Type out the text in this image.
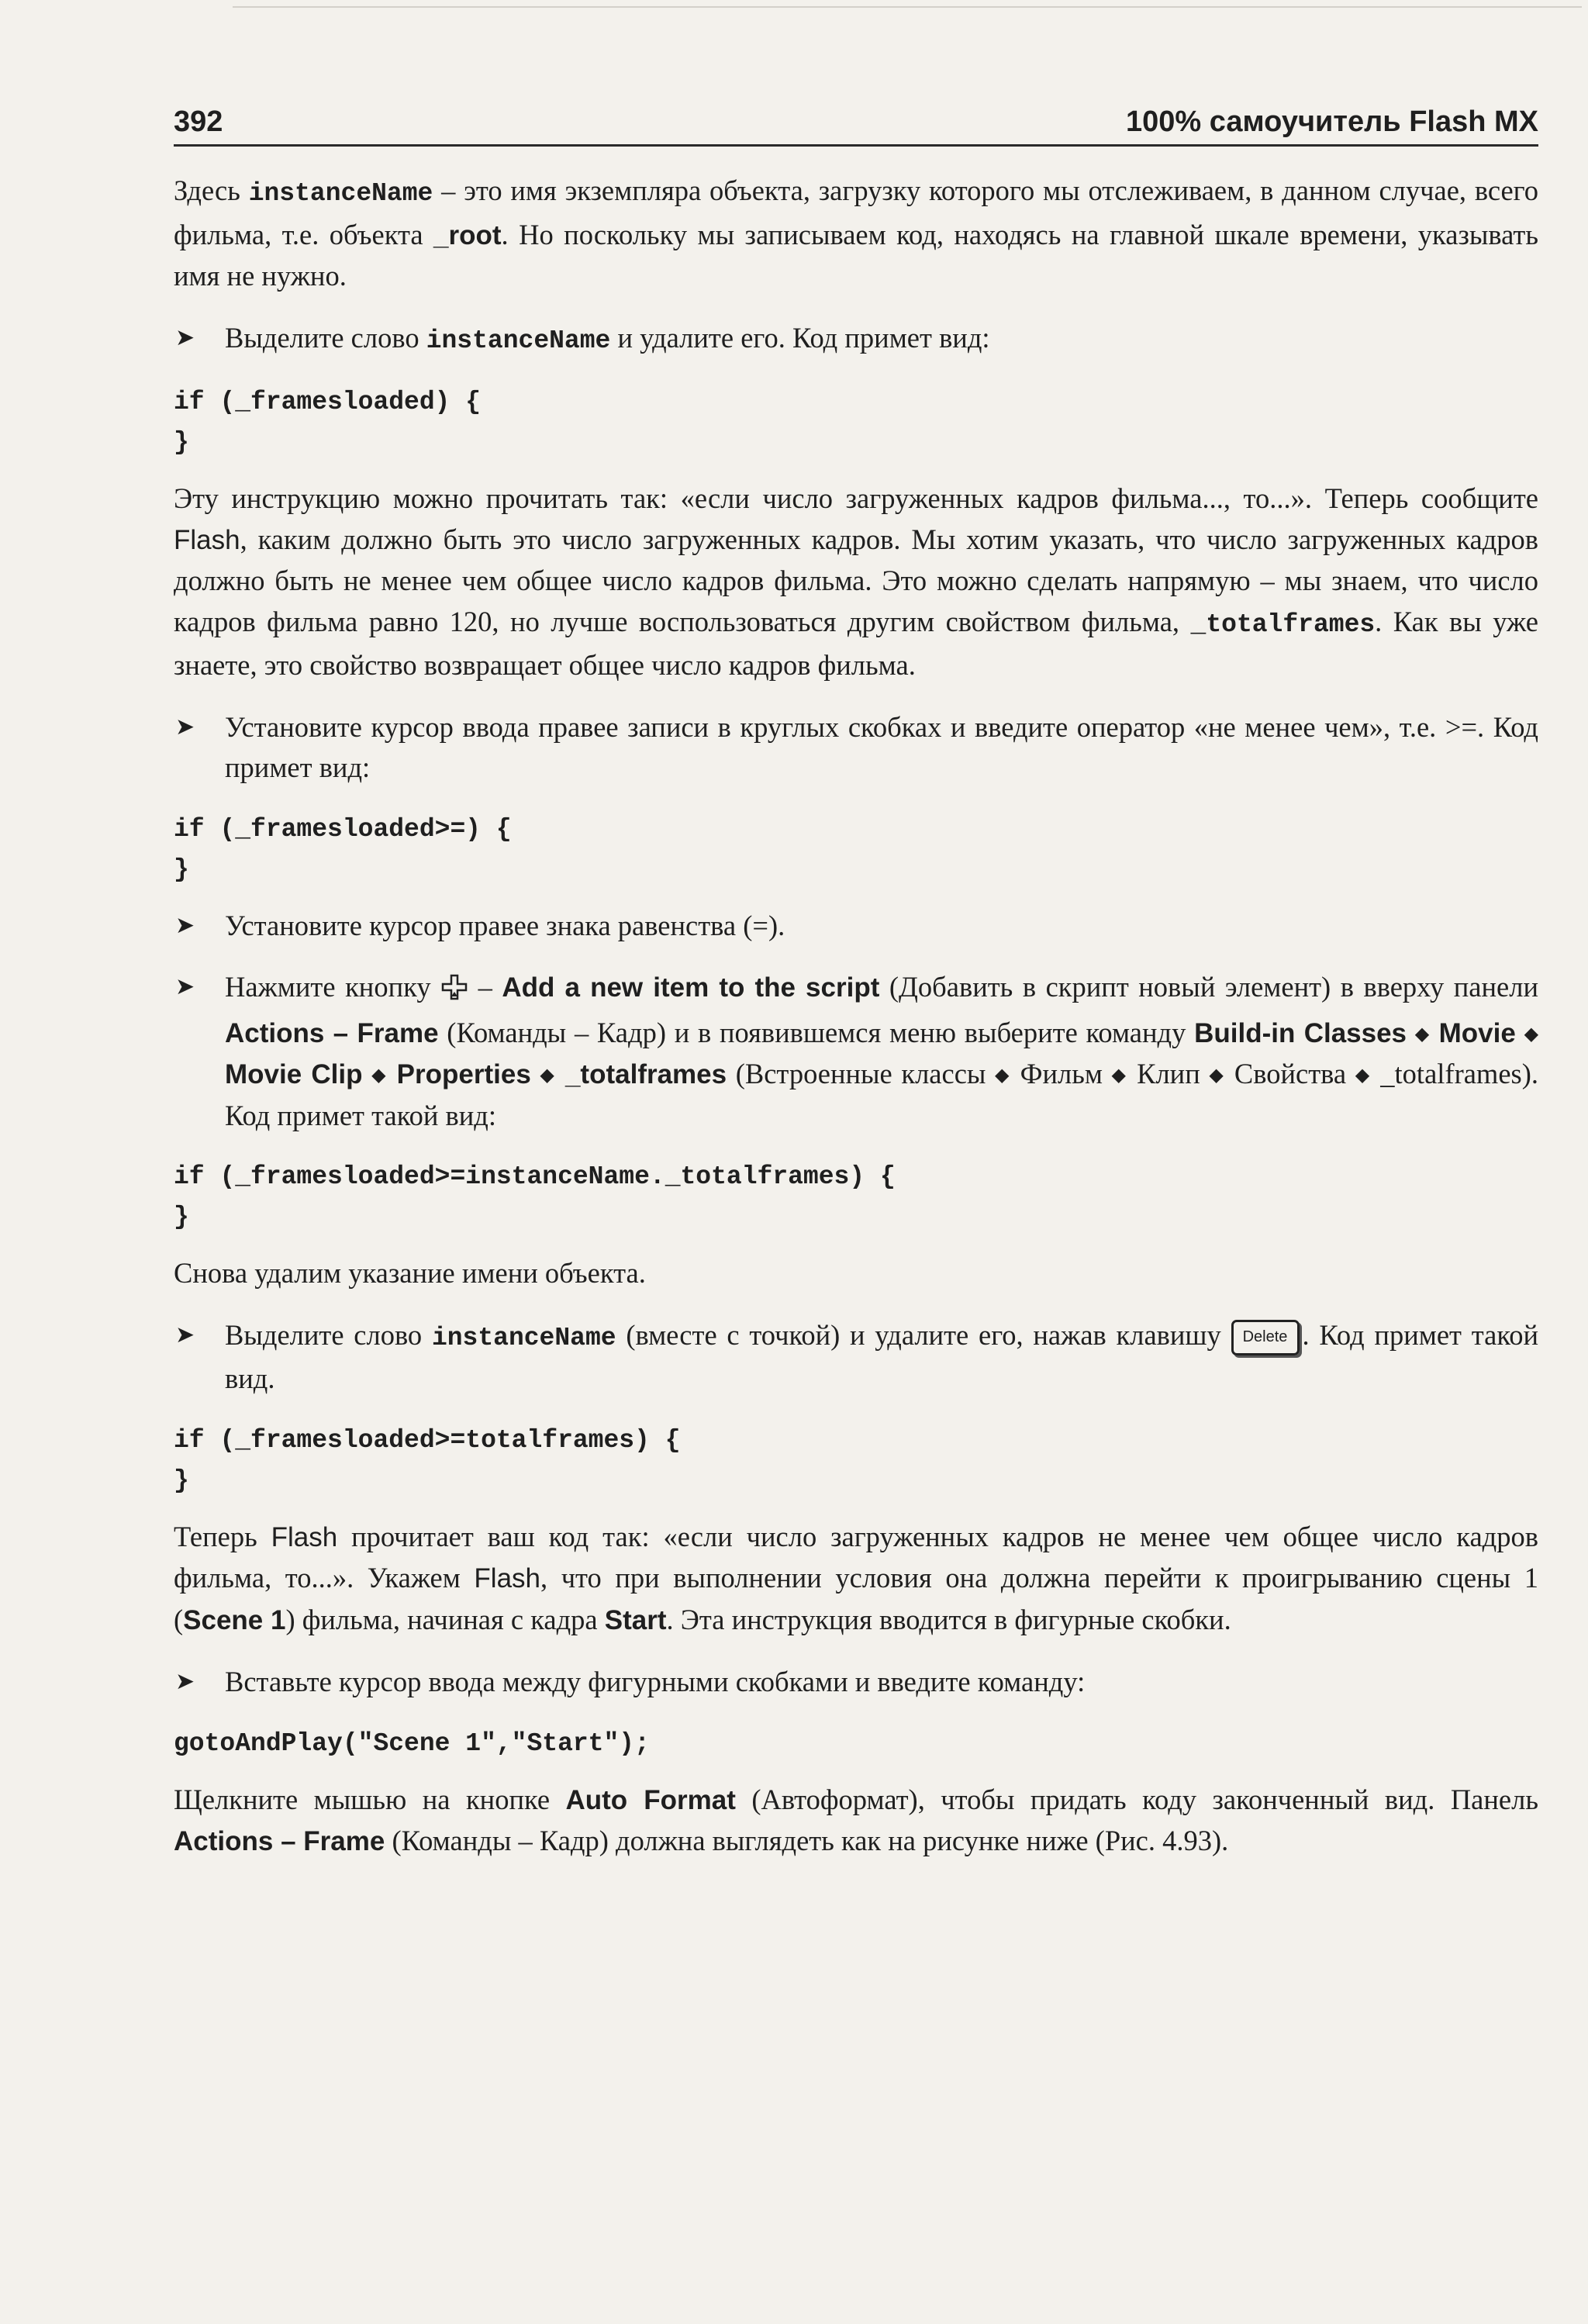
392	100% самоучитель Flash MX

Здесь instanceName – это имя экземпляра объекта, загрузку которого мы отслеживаем, в данном случае, всего фильма, т.е. объекта _root. Но поскольку мы записываем код, находясь на главной шкале времени, указывать имя не нужно.

➤ Выделите слово instanceName и удалите его. Код примет вид:
if (_framesloaded) {
}

Эту инструкцию можно прочитать так: «если число загруженных кадров фильма..., то...». Теперь сообщите Flash, каким должно быть это число загруженных кадров. Мы хотим указать, что число загруженных кадров должно быть не менее чем общее число кадров фильма. Это можно сделать напрямую – мы знаем, что число кадров фильма равно 120, но лучше воспользоваться другим свойством фильма, _totalframes. Как вы уже знаете, это свойство возвращает общее число кадров фильма.

➤ Установите курсор ввода правее записи в круглых скобках и введите оператор «не менее чем», т.е. >=. Код примет вид:
if (_framesloaded>=) {
}
➤ Установите курсор правее знака равенства (=).
➤ Нажмите кнопку  – Add a new item to the script (Добавить в скрипт новый элемент) в вверху панели Actions – Frame (Команды – Кадр) и в появившемся меню выберите команду Build-in Classes ◆ Movie ◆ Movie Clip ◆ Properties ◆ _totalframes (Встроенные классы ◆ Фильм ◆ Клип ◆ Свойства ◆ _totalframes). Код примет такой вид:
if (_framesloaded>=instanceName._totalframes) {
}

Снова удалим указание имени объекта.

➤ Выделите слово instanceName (вместе с точкой) и удалите его, нажав клавишу Delete . Код примет такой вид.
if (_framesloaded>=totalframes) {
}

Теперь Flash прочитает ваш код так: «если число загруженных кадров не менее чем общее число кадров фильма, то...». Укажем Flash, что при выполнении условия она должна перейти к проигрыванию сцены 1 (Scene 1) фильма, начиная с кадра Start. Эта инструкция вводится в фигурные скобки.

➤ Вставьте курсор ввода между фигурными скобками и введите команду:
gotoAndPlay("Scene 1","Start");

Щелкните мышью на кнопке Auto Format (Автоформат), чтобы придать коду законченный вид. Панель Actions – Frame (Команды – Кадр) должна выглядеть как на рисунке ниже (Рис. 4.93).
